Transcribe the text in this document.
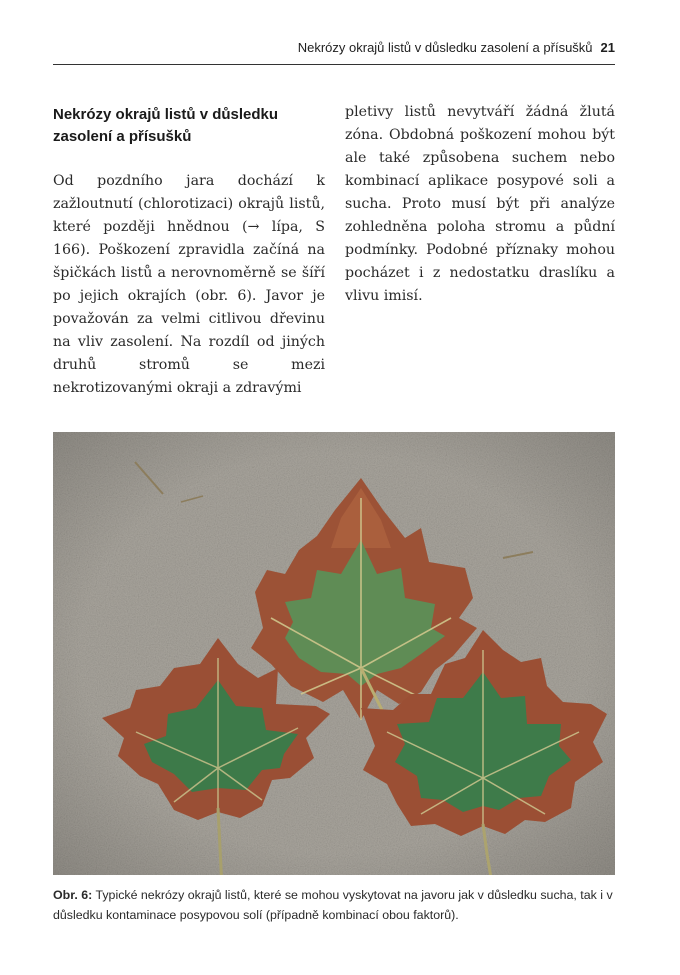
Nekrózy okrajů listů v důsledku zasolení a přísušků 21
Nekrózy okrajů listů v důsledku zasolení a přísušků

Od pozdního jara dochází k zažloutnutí (chlorotizaci) okrajů listů, které později hnědnou (→ lípa, S 166). Poškození zpravidla začíná na špičkách listů a nerovnoměrně se šíří po jejich okrajích (obr. 6). Javor je považován za velmi citlivou dřevinu na vliv zasolení. Na rozdíl od jiných druhů stromů se mezi nekrotizovanými okraji a zdravými

pletivy listů nevytváří žádná žlutá zóna. Obdobná poškození mohou být ale také způsobena suchem nebo kombinací aplikace posypové soli a sucha. Proto musí být při analýze zohledněna poloha stromu a půdní podmínky. Podobné příznaky mohou pocházet i z nedostatku draslíku a vlivu imisí.

Obr. 6: Typické nekrózy okrajů listů, které se mohou vyskytovat na javoru jak v důsledku sucha, tak i v důsledku kontaminace posypovou solí (případně kombinací obou faktorů).
